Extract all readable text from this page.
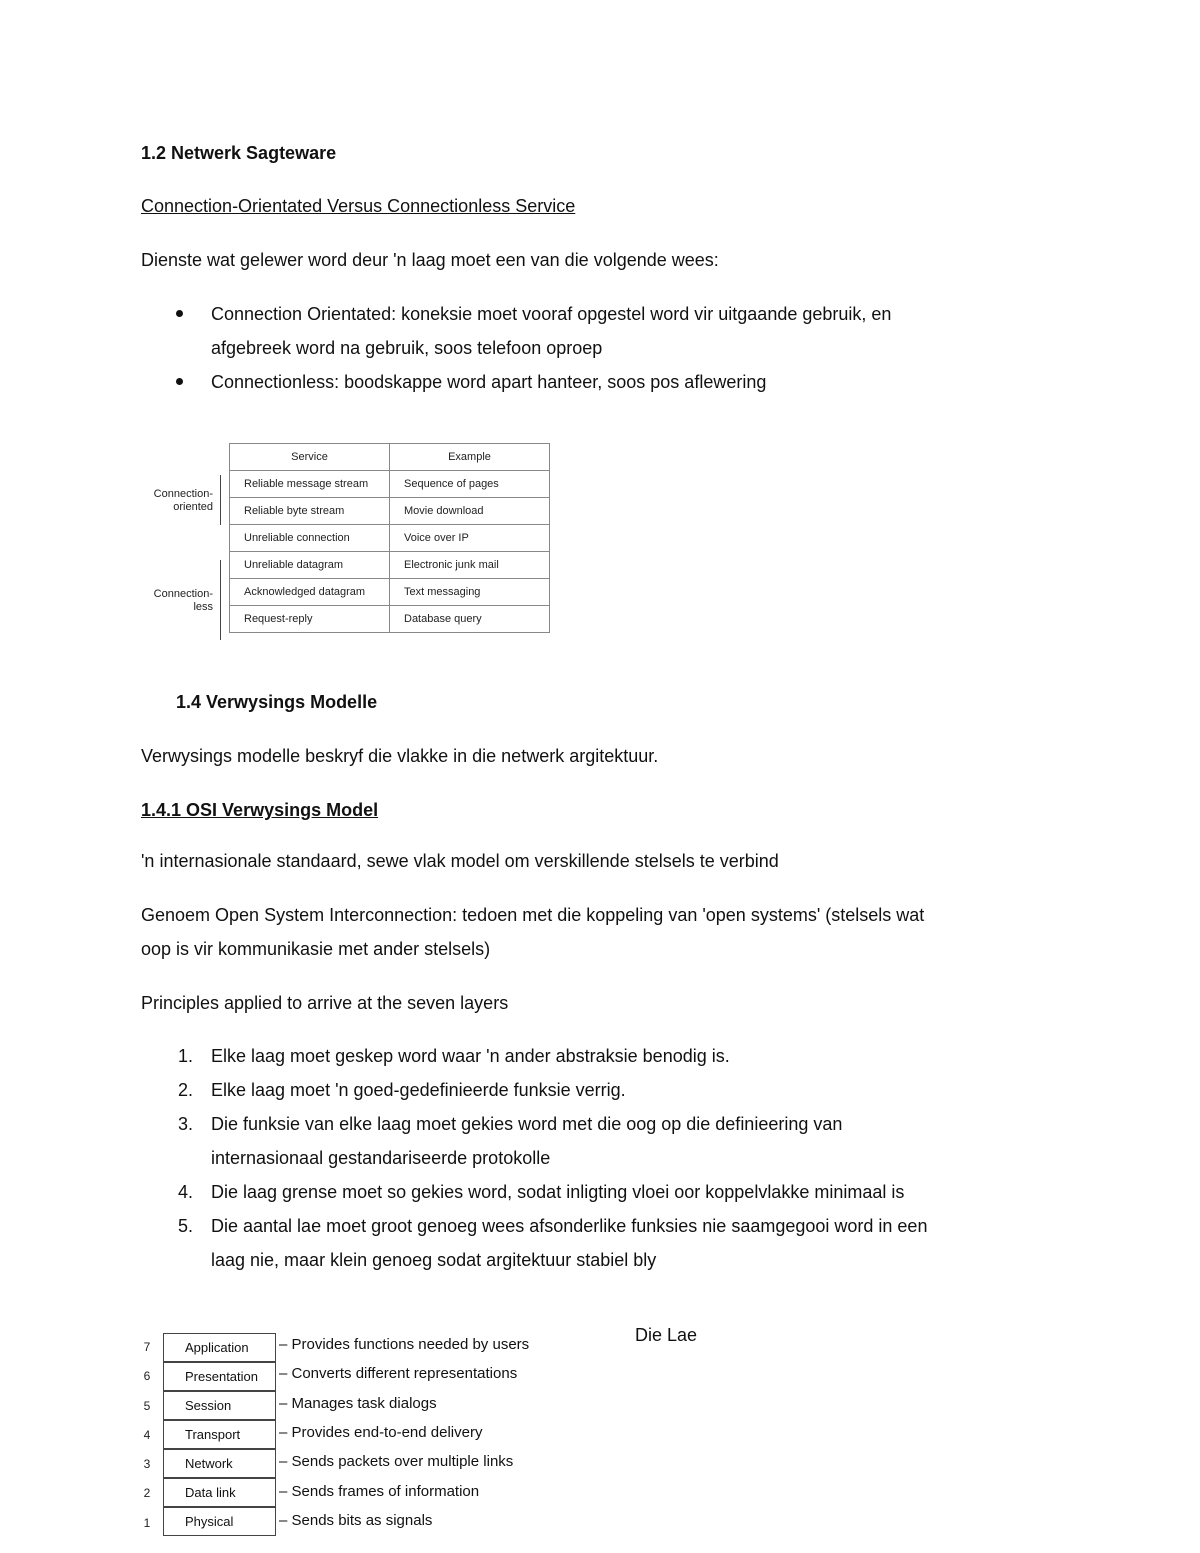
1.2 Netwerk Sagteware
Connection-Orientated Versus Connectionless Service
Dienste wat gelewer word deur 'n laag moet een van die volgende wees:
Connection Orientated: koneksie moet vooraf opgestel word vir uitgaande gebruik, en
afgebreek word na gebruik, soos telefoon oproep
Connectionless: boodskappe word apart hanteer, soos pos aflewering
Connection-
oriented
Connection-
less
Service	Example
Reliable message stream	Sequence of pages
Reliable byte stream	Movie download
Unreliable connection	Voice over IP
Unreliable datagram	Electronic junk mail
Acknowledged datagram	Text messaging
Request-reply	Database query
1.4 Verwysings Modelle
Verwysings modelle beskryf die vlakke in die netwerk argitektuur.
1.4.1 OSI Verwysings Model
'n internasionale standaard, sewe vlak model om verskillende stelsels te verbind
Genoem Open System Interconnection: tedoen met die koppeling van 'open systems' (stelsels wat
oop is vir kommunikasie met ander stelsels)
Principles applied to arrive at the seven layers
1. Elke laag moet geskep word waar 'n ander abstraksie benodig is.
2. Elke laag moet 'n goed-gedefinieerde funksie verrig.
3. Die funksie van elke laag moet gekies word met die oog op die definieering van
internasionaal gestandariseerde protokolle
4. Die laag grense moet so gekies word, sodat inligting vloei oor koppelvlakke minimaal is
5. Die aantal lae moet groot genoeg wees afsonderlike funksies nie saamgegooi word in een
laag nie, maar klein genoeg sodat argitektuur stabiel bly
Die Lae
7	Application	– Provides functions needed by users
6	Presentation	– Converts different representations
5	Session	– Manages task dialogs
4	Transport	– Provides end-to-end delivery
3	Network	– Sends packets over multiple links
2	Data link	– Sends frames of information
1	Physical	– Sends bits as signals
